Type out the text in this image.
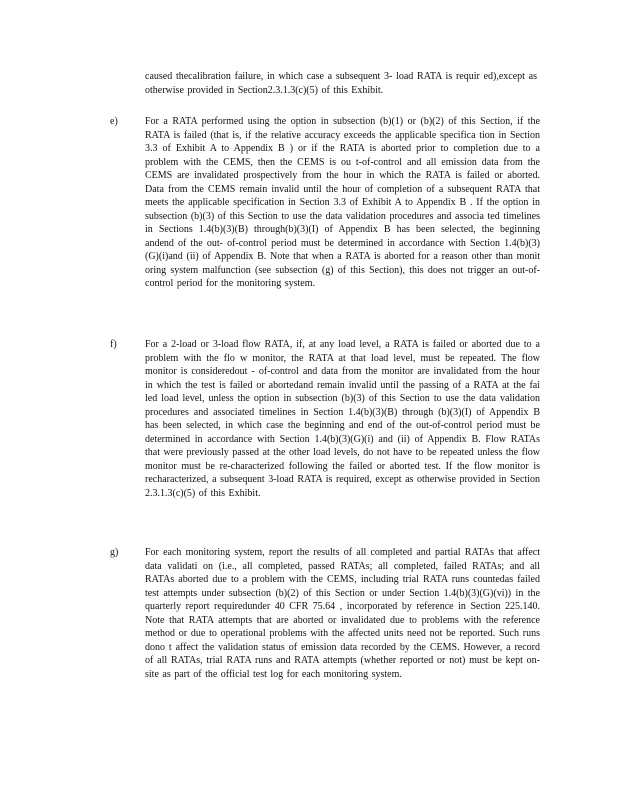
caused thecalibration failure, in which case a subsequent 3- load RATA is requir ed),except as otherwise provided in Section2.3.1.3(c)(5) of this Exhibit.

e)	For a RATA performed using the option in subsection (b)(1) or (b)(2) of this Section, if the RATA is failed (that is, if the relative accuracy exceeds the applicable specifica tion in Section 3.3 of Exhibit A to Appendix B ) or if the RATA is aborted prior to completion due to a problem with the CEMS, then the CEMS is ou t-of-control and all emission data from the CEMS are invalidated prospectively from the hour in which the RATA is failed or aborted. Data from the CEMS remain invalid until the hour of completion of a subsequent RATA that meets the applicable specification in Section 3.3 of Exhibit A to Appendix B . If the option in subsection (b)(3) of this Section to use the data validation procedures and associa ted timelines in Sections 1.4(b)(3)(B) through(b)(3)(I) of Appendix B has been selected, the beginning andend of the out- of-control period must be determined in accordance with Section 1.4(b)(3)(G)(i)and (ii) of Appendix B. Note that when a RATA is aborted for a reason other than monit oring system malfunction (see subsection (g) of this Section), this does not trigger an out-of-control period for the monitoring system.

f)	For a 2-load or 3-load flow RATA, if, at any load level, a RATA is failed or aborted due to a problem with the flo w monitor, the RATA at that load level, must be repeated. The flow monitor is consideredout - of-control and data from the monitor are invalidated from the hour in which the test is failed or abortedand remain invalid until the passing of a RATA at the fai led load level, unless the option in subsection (b)(3) of this Section to use the data validation procedures and associated timelines in Section 1.4(b)(3)(B) through (b)(3)(I) of Appendix B has been selected, in which case the beginning and end of the out-of-control period must be determined in accordance with Section 1.4(b)(3)(G)(i) and (ii) of Appendix B. Flow RATAs that were previously passed at the other load levels, do not have to be repeated unless the flow monitor must be re-characterized following the failed or aborted test. If the flow monitor is recharacterized, a subsequent 3-load RATA is required, except as otherwise provided in Section 2.3.1.3(c)(5) of this Exhibit.

g)	For each monitoring system, report the results of all completed and partial RATAs that affect data validati on (i.e., all completed, passed RATAs; all completed, failed RATAs; and all RATAs aborted due to a problem with the CEMS, including trial RATA runs countedas failed test attempts under subsection (b)(2) of this Section or under Section 1.4(b)(3)(G)(vi)) in the quarterly report requiredunder 40 CFR 75.64 , incorporated by reference in Section 225.140. Note that RATA attempts that are aborted or invalidated due to problems with the reference method or due to operational problems with the affected units need not be reported. Such runs dono t affect the validation status of emission data recorded by the CEMS. However, a record of all RATAs, trial RATA runs and RATA attempts (whether reported or not) must be kept on-site as part of the official test log for each monitoring system.
